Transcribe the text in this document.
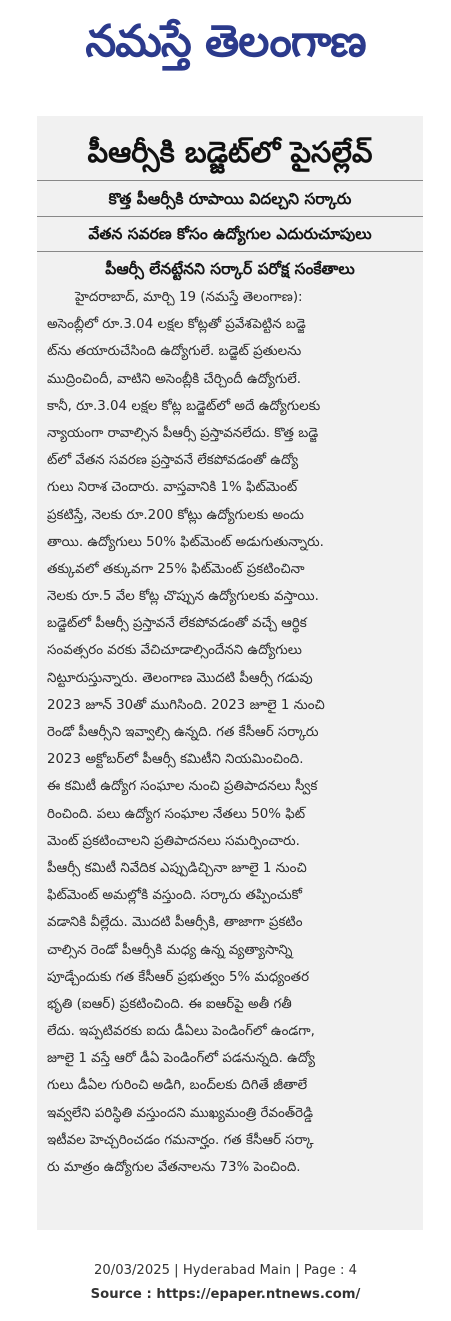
నమస్తే తెలంగాణ
పీఆర్సీకి బడ్జెట్‌లో పైసల్లేవ్
కొత్త పీఆర్సీకి రూపాయి విదల్చని సర్కారు
వేతన సవరణ కోసం ఉద్యోగుల ఎదురుచూపులు
పీఆర్సీ లేనట్టేనని సర్కార్ పరోక్ష సంకేతాలు
హైదరాబాద్, మార్చి 19 (నమస్తే తెలంగాణ):
అసెంబ్లీలో రూ.3.04 లక్షల కోట్లతో ప్రవేశపెట్టిన బడ్జె
ట్‌ను తయారుచేసింది ఉద్యోగులే. బడ్జెట్ ప్రతులను
ముద్రించిందీ, వాటిని అసెంబ్లీకి చేర్చిందీ ఉద్యోగులే.
కానీ, రూ.3.04 లక్షల కోట్ల బడ్జెట్‌లో అదే ఉద్యోగులకు
న్యాయంగా రావాల్సిన పీఆర్సీ ప్రస్తావనలేదు. కొత్త బడ్జె
ట్‌లో వేతన సవరణ ప్రస్తావనే లేకపోవడంతో ఉద్యో
గులు నిరాశ చెందారు. వాస్తవానికి 1% ఫిట్‌మెంట్
ప్రకటిస్తే, నెలకు రూ.200 కోట్లు ఉద్యోగులకు అందు
తాయి. ఉద్యోగులు 50% ఫిట్‌మెంట్ అడుగుతున్నారు.
తక్కువలో తక్కువగా 25% ఫిట్‌మెంట్ ప్రకటించినా
నెలకు రూ.5 వేల కోట్ల చొప్పున ఉద్యోగులకు వస్తాయి.
బడ్జెట్‌లో పీఆర్సీ ప్రస్తావనే లేకపోవడంతో వచ్చే ఆర్థిక
సంవత్సరం వరకు వేచిచూడాల్సిందేనని ఉద్యోగులు
నిట్టూరుస్తున్నారు. తెలంగాణ మొదటి పీఆర్సీ గడువు
2023 జూన్ 30తో ముగిసింది. 2023 జూలై 1 నుంచి
రెండో పీఆర్సీని ఇవ్వాల్సి ఉన్నది. గత కేసీఆర్ సర్కారు
2023 అక్టోబర్‌లో పీఆర్సీ కమిటీని నియమించింది.
ఈ కమిటీ ఉద్యోగ సంఘాల నుంచి ప్రతిపాదనలు స్వీక
రించింది. పలు ఉద్యోగ సంఘాల నేతలు 50% ఫిట్
మెంట్ ప్రకటించాలని ప్రతిపాదనలు సమర్పించారు.
పీఆర్సీ కమిటీ నివేదిక ఎప్పుడిచ్చినా జూలై 1 నుంచి
ఫిట్‌మెంట్ అమల్లోకి వస్తుంది. సర్కారు తప్పించుకో
వడానికి వీల్లేదు. మొదటి పీఆర్సీకి, తాజాగా ప్రకటిం
చాల్సిన రెండో పీఆర్సీకి మధ్య ఉన్న వ్యత్యాసాన్ని
పూడ్చేందుకు గత కేసీఆర్ ప్రభుత్వం 5% మధ్యంతర
భృతి (ఐఆర్) ప్రకటించింది. ఈ ఐఆర్‌పై అతీ గతీ
లేదు. ఇప్పటివరకు ఐదు డీఏలు పెండింగ్‌లో ఉండగా,
జూలై 1 వస్తే ఆరో డీఏ పెండింగ్‌లో పడనున్నది. ఉద్యో
గులు డీఏల గురించి అడిగి, బంద్‌లకు దిగితే జీతాలే
ఇవ్వలేని పరిస్థితి వస్తుందని ముఖ్యమంత్రి రేవంత్‌రెడ్డి
ఇటీవల హెచ్చరించడం గమనార్హం. గత కేసీఆర్ సర్కా
రు మాత్రం ఉద్యోగుల వేతనాలను 73% పెంచింది.
20/03/2025 | Hyderabad Main | Page : 4
Source : https://epaper.ntnews.com/
